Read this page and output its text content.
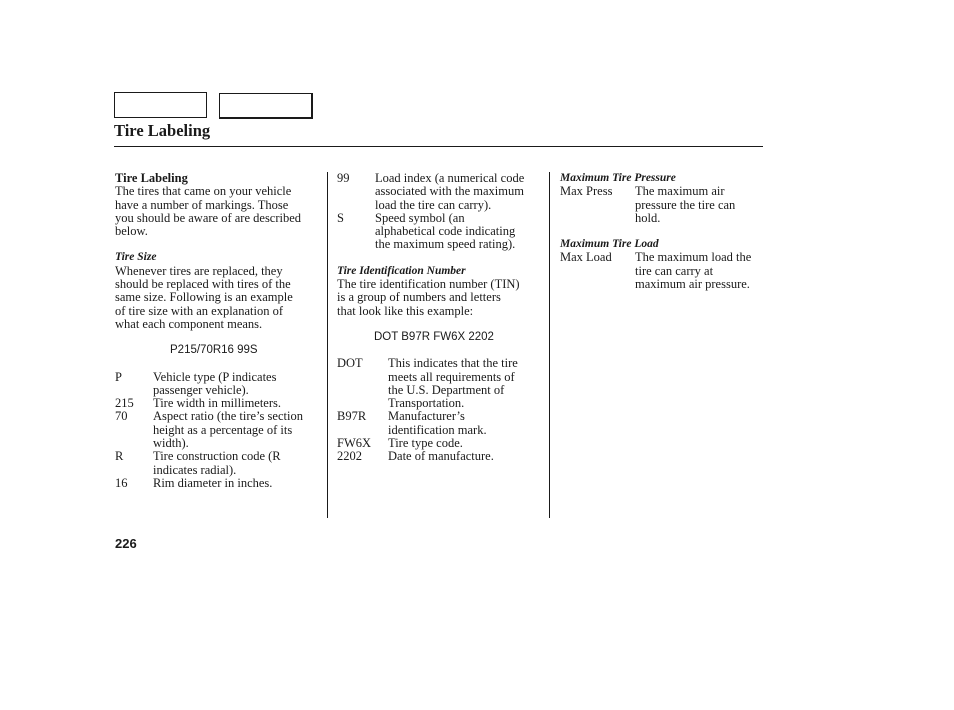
Tire Labeling
Tire Labeling
The tires that came on your vehicle
have a number of markings. Those
you should be aware of are described
below.
Tire Size
Whenever tires are replaced, they
should be replaced with tires of the
same size. Following is an example
of tire size with an explanation of
what each component means.
P215/70R16 99S
P	Vehicle type (P indicates
passenger vehicle).
215	Tire width in millimeters.
70	Aspect ratio (the tire’s section
height as a percentage of its
width).
R	Tire construction code (R
indicates radial).
16	Rim diameter in inches.
99	Load index (a numerical code
associated with the maximum
load the tire can carry).
S	Speed symbol (an
alphabetical code indicating
the maximum speed rating).
Tire Identification Number
The tire identification number (TIN)
is a group of numbers and letters
that look like this example:
DOT B97R FW6X 2202
DOT	This indicates that the tire
meets all requirements of
the U.S. Department of
Transportation.
B97R	Manufacturer’s
identification mark.
FW6X	Tire type code.
2202	Date of manufacture.
Maximum Tire Pressure
Max Press	The maximum air
pressure the tire can
hold.
Maximum Tire Load
Max Load	The maximum load the
tire can carry at
maximum air pressure.
226
